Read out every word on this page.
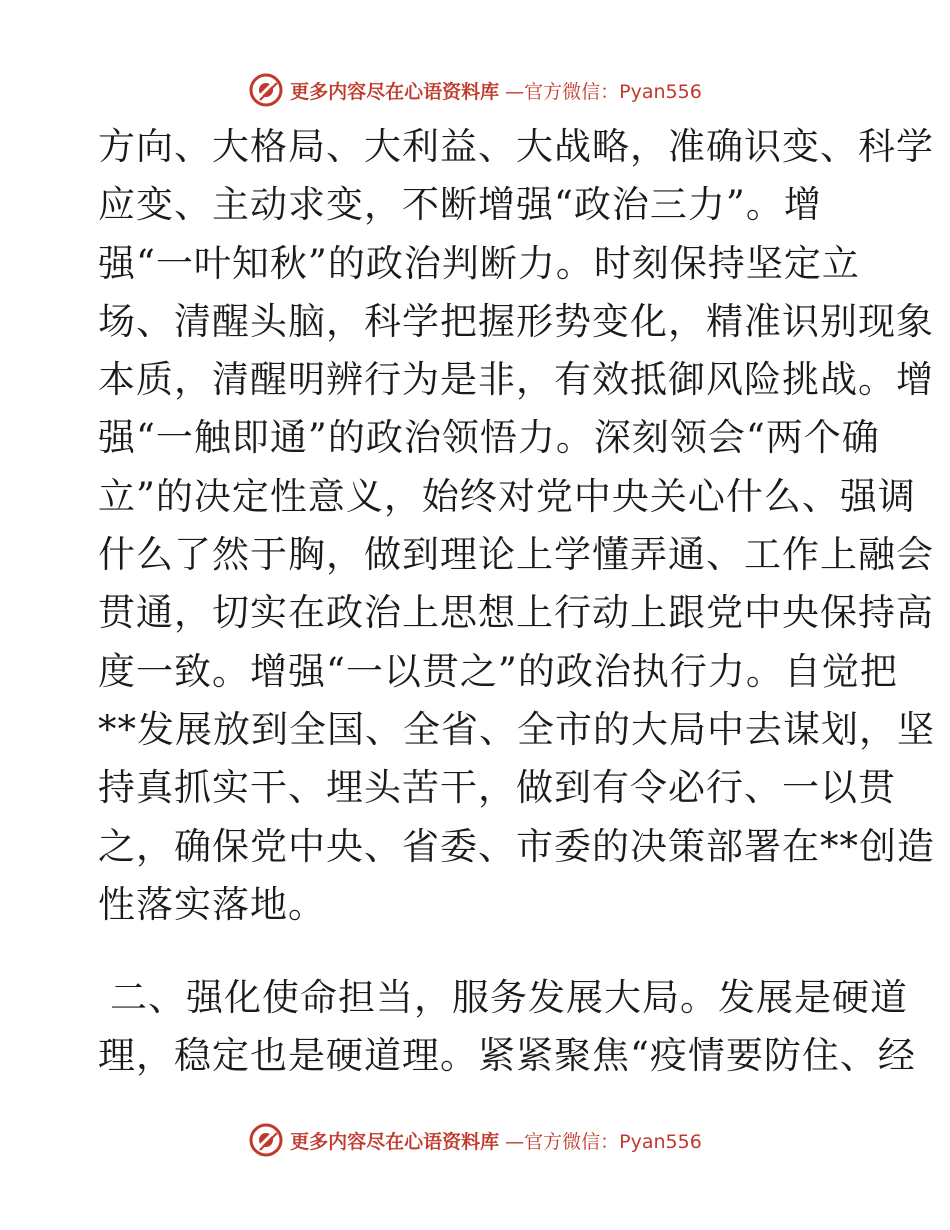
更多内容尽在心语资料库 —官方微信：Pyan556
方向、大格局、大利益、大战略，准确识变、科学
应变、主动求变，不断增强“政治三力”。增
强“一叶知秋”的政治判断力。时刻保持坚定立
场、清醒头脑，科学把握形势变化，精准识别现象
本质，清醒明辨行为是非，有效抵御风险挑战。增
强“一触即通”的政治领悟力。深刻领会“两个确
立”的决定性意义，始终对党中央关心什么、强调
什么了然于胸，做到理论上学懂弄通、工作上融会
贯通，切实在政治上思想上行动上跟党中央保持高
度一致。增强“一以贯之”的政治执行力。自觉把
**发展放到全国、全省、全市的大局中去谋划，坚
持真抓实干、埋头苦干，做到有令必行、一以贯
之，确保党中央、省委、市委的决策部署在**创造
性落实落地。
二、强化使命担当，服务发展大局。发展是硬道
理，稳定也是硬道理。紧紧聚焦“疫情要防住、经
更多内容尽在心语资料库 —官方微信：Pyan556
